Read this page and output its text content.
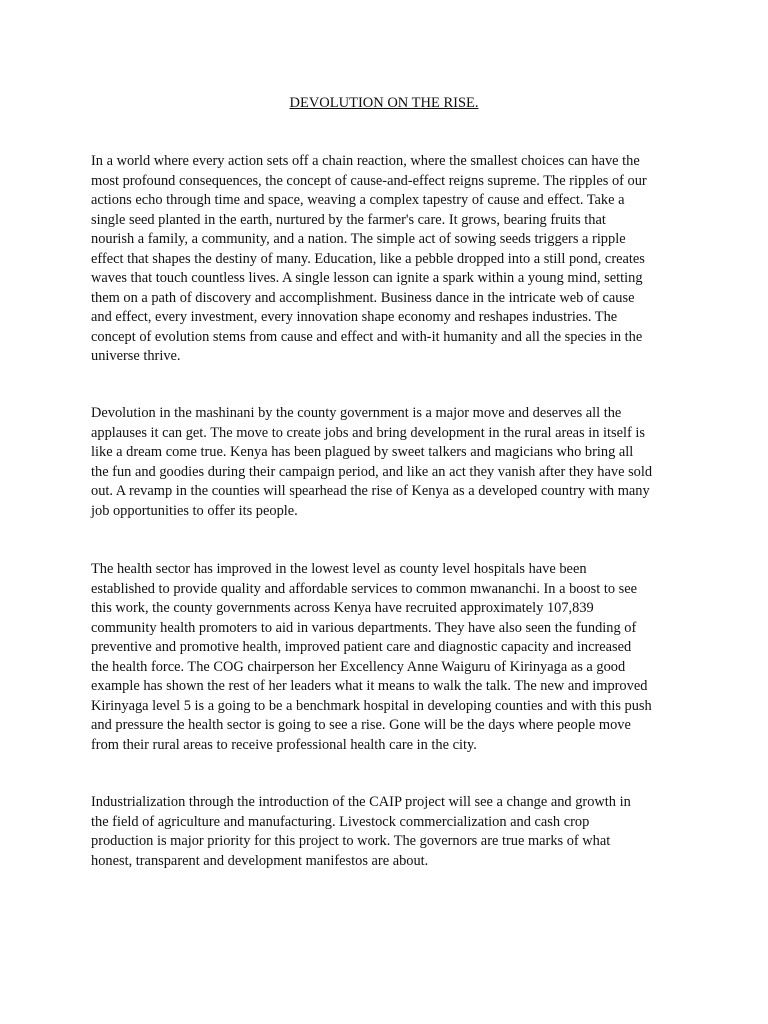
DEVOLUTION ON THE RISE.

In a world where every action sets off a chain reaction, where the smallest choices can have the
most profound consequences, the concept of cause-and-effect reigns supreme. The ripples of our
actions echo through time and space, weaving a complex tapestry of cause and effect. Take a
single seed planted in the earth, nurtured by the farmer's care. It grows, bearing fruits that
nourish a family, a community, and a nation. The simple act of sowing seeds triggers a ripple
effect that shapes the destiny of many. Education, like a pebble dropped into a still pond, creates
waves that touch countless lives. A single lesson can ignite a spark within a young mind, setting
them on a path of discovery and accomplishment. Business dance in the intricate web of cause
and effect, every investment, every innovation shape economy and reshapes industries. The
concept of evolution stems from cause and effect and with-it humanity and all the species in the
universe thrive.

Devolution in the mashinani by the county government is a major move and deserves all the
applauses it can get. The move to create jobs and bring development in the rural areas in itself is
like a dream come true. Kenya has been plagued by sweet talkers and magicians who bring all
the fun and goodies during their campaign period, and like an act they vanish after they have sold
out. A revamp in the counties will spearhead the rise of Kenya as a developed country with many
job opportunities to offer its people.

The health sector has improved in the lowest level as county level hospitals have been
established to provide quality and affordable services to common mwananchi. In a boost to see
this work, the county governments across Kenya have recruited approximately 107,839
community health promoters to aid in various departments. They have also seen the funding of
preventive and promotive health, improved patient care and diagnostic capacity and increased
the health force. The COG chairperson her Excellency Anne Waiguru of Kirinyaga as a good
example has shown the rest of her leaders what it means to walk the talk. The new and improved
Kirinyaga level 5 is a going to be a benchmark hospital in developing counties and with this push
and pressure the health sector is going to see a rise. Gone will be the days where people move
from their rural areas to receive professional health care in the city.

Industrialization through the introduction of the CAIP project will see a change and growth in
the field of agriculture and manufacturing. Livestock commercialization and cash crop
production is major priority for this project to work. The governors are true marks of what
honest, transparent and development manifestos are about.
